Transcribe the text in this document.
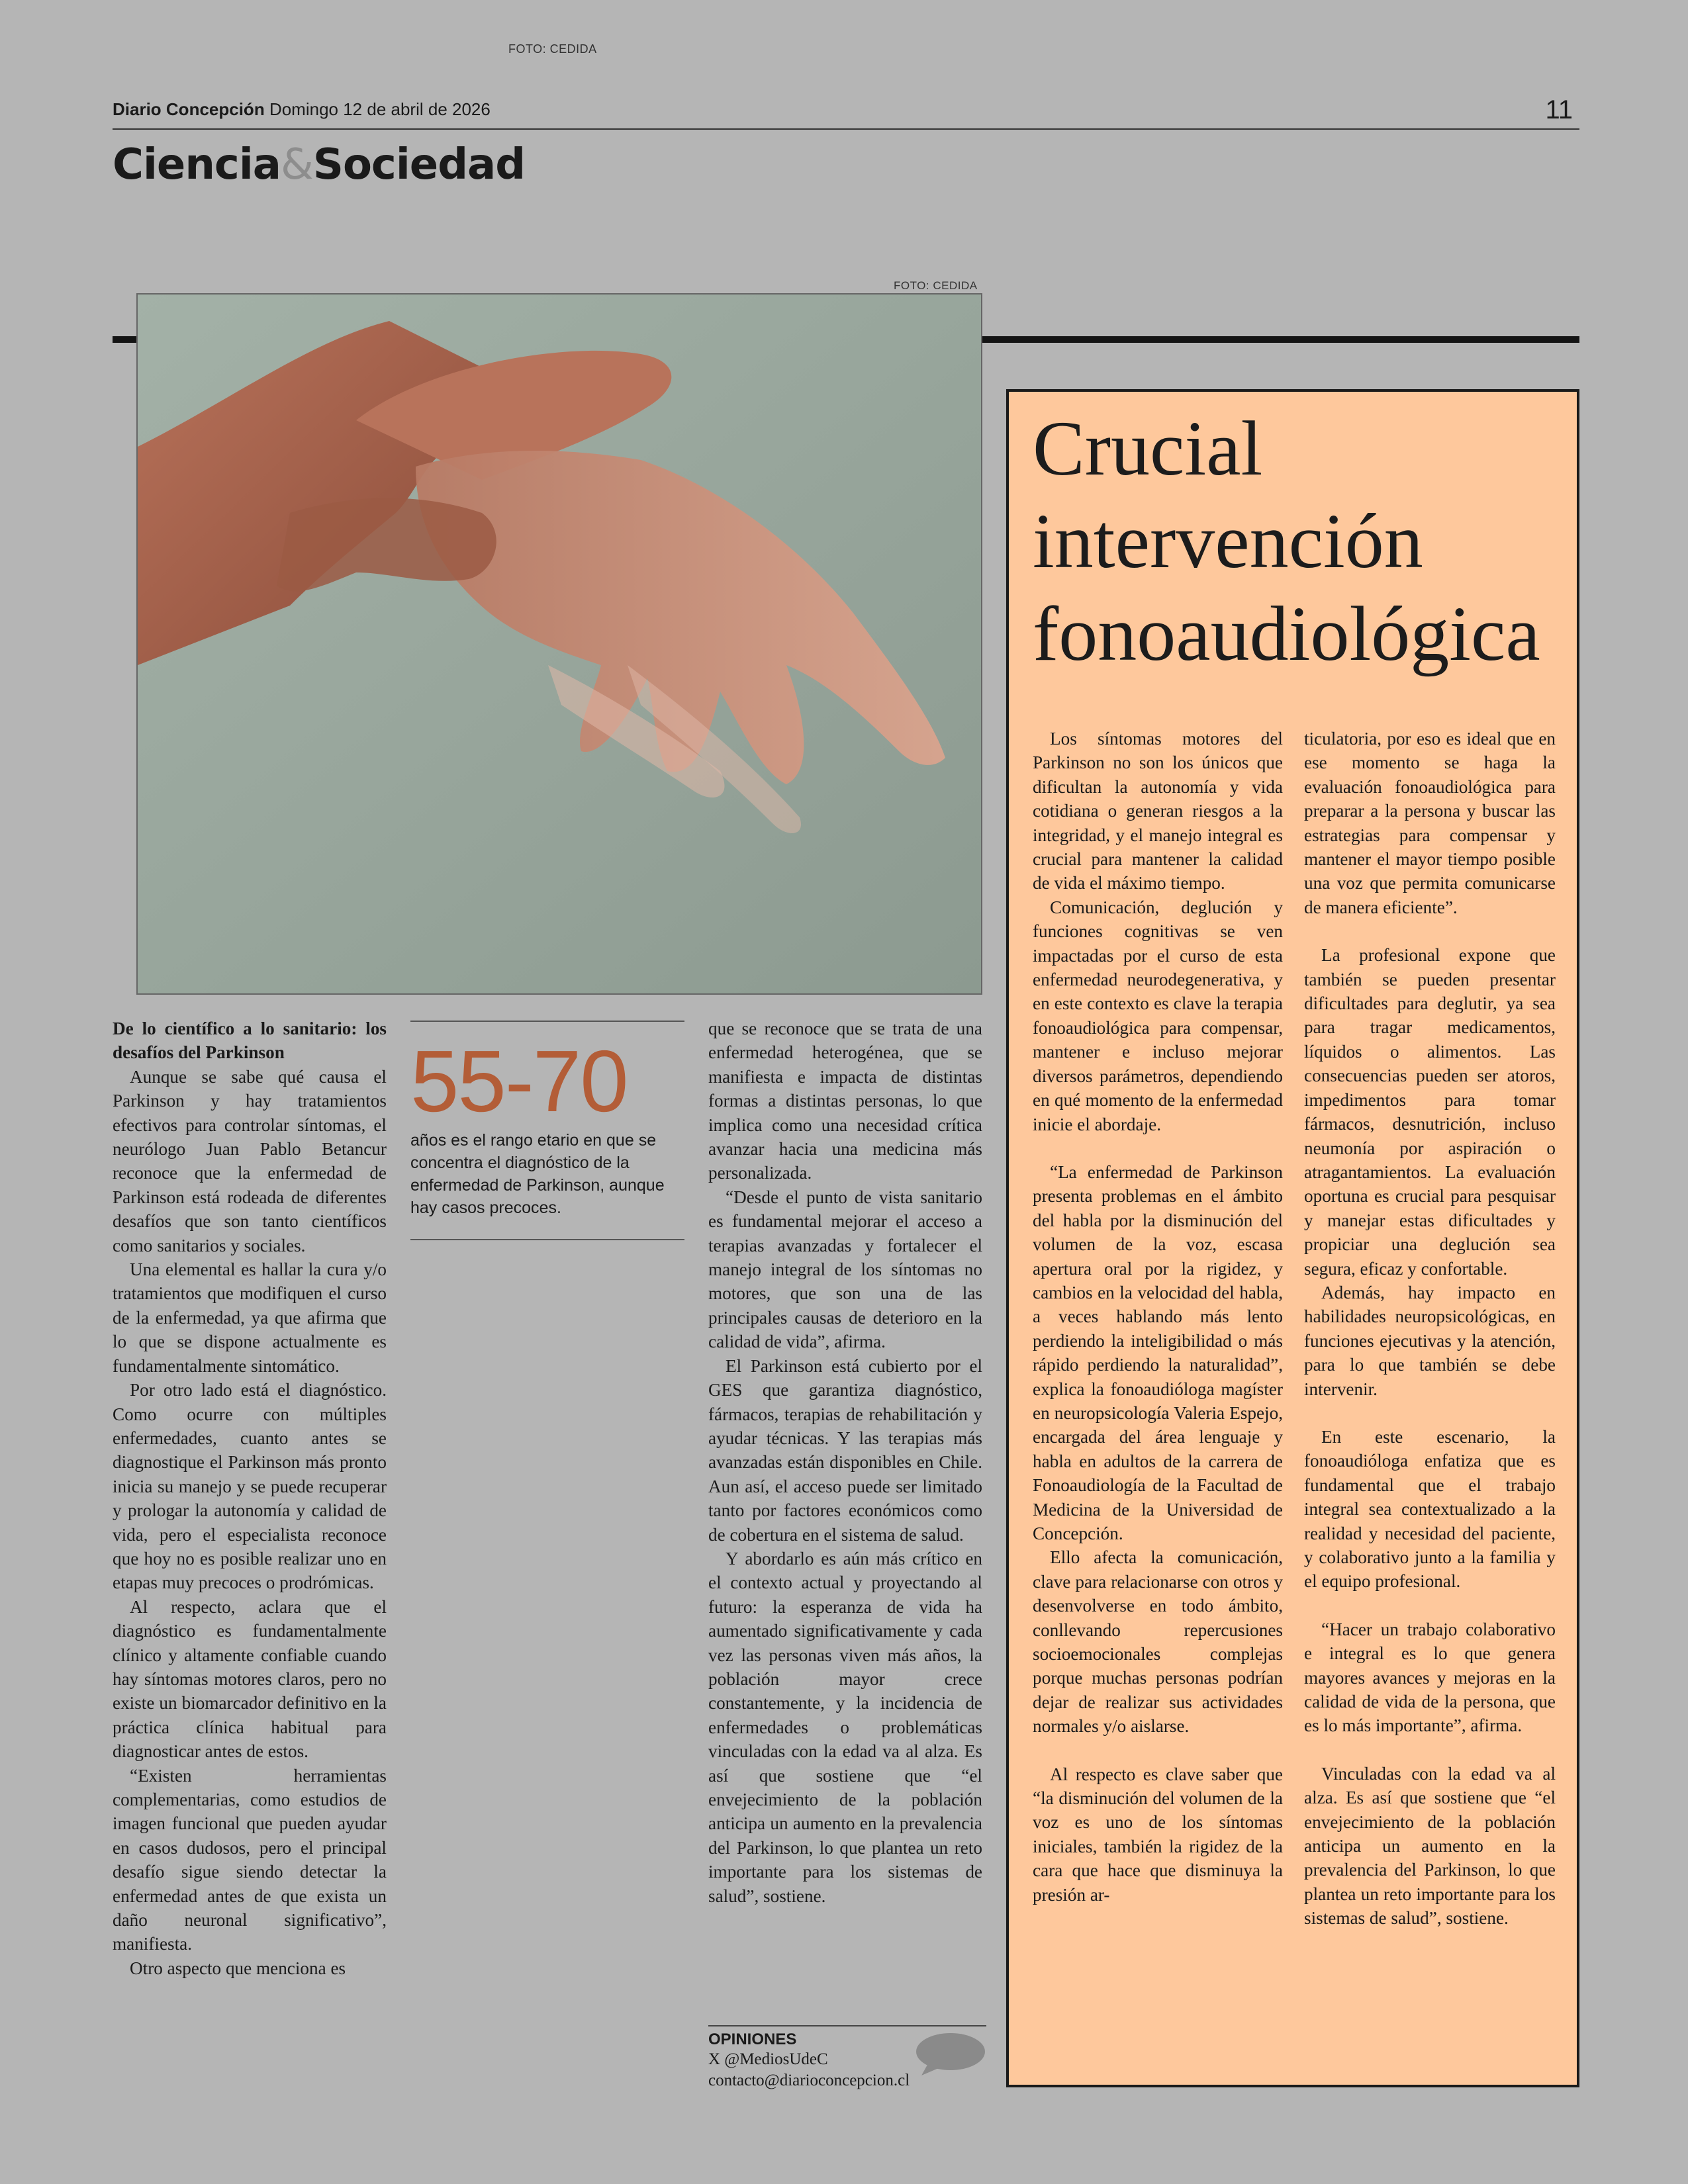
FOTO: CEDIDA
Diario Concepción Domingo 12 de abril de 2026	11
Ciencia&Sociedad
FOTO: CEDIDA

De lo científico a lo sanitario: los desafíos del Parkinson

Aunque se sabe qué causa el Parkinson y hay tratamientos efectivos para controlar síntomas, el neurólogo Juan Pablo Betancur reconoce que la enfermedad de Parkinson está rodeada de diferentes desafíos que son tanto científicos como sanitarios y sociales.

Una elemental es hallar la cura y/o tratamientos que modifiquen el curso de la enfermedad, ya que afirma que lo que se dispone actualmente es fundamentalmente sintomático.

Por otro lado está el diagnóstico. Como ocurre con múltiples enfermedades, cuanto antes se diagnostique el Parkinson más pronto inicia su manejo y se puede recuperar y prologar la autonomía y calidad de vida, pero el especialista reconoce que hoy no es posible realizar uno en etapas muy precoces o prodrómicas.

Al respecto, aclara que el diagnóstico es fundamentalmente clínico y altamente confiable cuando hay síntomas motores claros, pero no existe un biomarcador definitivo en la práctica clínica habitual para diagnosticar antes de estos.

“Existen herramientas complementarias, como estudios de imagen funcional que pueden ayudar en casos dudosos, pero el principal desafío sigue siendo detectar la enfermedad antes de que exista un daño neuronal significativo”, manifiesta.

Otro aspecto que menciona es

55-70
años es el rango etario en que se concentra el diagnóstico de la enfermedad de Parkinson, aunque hay casos precoces.

que se reconoce que se trata de una enfermedad heterogénea, que se manifiesta e impacta de distintas formas a distintas personas, lo que implica como una necesidad crítica avanzar hacia una medicina más personalizada.

“Desde el punto de vista sanitario es fundamental mejorar el acceso a terapias avanzadas y fortalecer el manejo integral de los síntomas no motores, que son una de las principales causas de deterioro en la calidad de vida”, afirma.

El Parkinson está cubierto por el GES que garantiza diagnóstico, fármacos, terapias de rehabilitación y ayudar técnicas. Y las terapias más avanzadas están disponibles en Chile. Aun así, el acceso puede ser limitado tanto por factores económicos como de cobertura en el sistema de salud.

Y abordarlo es aún más crítico en el contexto actual y proyectando al futuro: la esperanza de vida ha aumentado significativamente y cada vez las personas viven más años, la población mayor crece constantemente, y la incidencia de enfermedades o problemáticas vinculadas con la edad va al alza. Es así que sostiene que “el envejecimiento de la población anticipa un aumento en la prevalencia del Parkinson, lo que plantea un reto importante para los sistemas de salud”, sostiene.

OPINIONES
X @MediosUdeC
contacto@diarioconcepcion.cl
Crucial
intervención
fonoaudiológica

Los síntomas motores del Parkinson no son los únicos que dificultan la autonomía y vida cotidiana o generan riesgos a la integridad, y el manejo integral es crucial para mantener la calidad de vida el máximo tiempo.

Comunicación, deglución y funciones cognitivas se ven impactadas por el curso de esta enfermedad neurodegenerativa, y en este contexto es clave la terapia fonoaudiológica para compensar, mantener e incluso mejorar diversos parámetros, dependiendo en qué momento de la enfermedad inicie el abordaje.

“La enfermedad de Parkinson presenta problemas en el ámbito del habla por la disminución del volumen de la voz, escasa apertura oral por la rigidez, y cambios en la velocidad del habla, a veces hablando más lento perdiendo la inteligibilidad o más rápido perdiendo la naturalidad”, explica la fonoaudióloga magíster en neuropsicología Valeria Espejo, encargada del área lenguaje y habla en adultos de la carrera de Fonoaudiología de la Facultad de Medicina de la Universidad de Concepción.

Ello afecta la comunicación, clave para relacionarse con otros y desenvolverse en todo ámbito, conllevando repercusiones socioemocionales complejas porque muchas personas podrían dejar de realizar sus actividades normales y/o aislarse.

Al respecto es clave saber que “la disminución del volumen de la voz es uno de los síntomas iniciales, también la rigidez de la cara que hace que disminuya la presión ar-

ticulatoria, por eso es ideal que en ese momento se haga la evaluación fonoaudiológica para preparar a la persona y buscar las estrategias para compensar y mantener el mayor tiempo posible una voz que permita comunicarse de manera eficiente”.

La profesional expone que también se pueden presentar dificultades para deglutir, ya sea para tragar medicamentos, líquidos o alimentos. Las consecuencias pueden ser atoros, impedimentos para tomar fármacos, desnutrición, incluso neumonía por aspiración o atragantamientos. La evaluación oportuna es crucial para pesquisar y manejar estas dificultades y propiciar una deglución sea segura, eficaz y confortable.

Además, hay impacto en habilidades neuropsicológicas, en funciones ejecutivas y la atención, para lo que también se debe intervenir.

En este escenario, la fonoaudióloga enfatiza que es fundamental que el trabajo integral sea contextualizado a la realidad y necesidad del paciente, y colaborativo junto a la familia y el equipo profesional.

“Hacer un trabajo colaborativo e integral es lo que genera mayores avances y mejoras en la calidad de vida de la persona, que es lo más importante”, afirma.

Vinculadas con la edad va al alza. Es así que sostiene que “el envejecimiento de la población anticipa un aumento en la prevalencia del Parkinson, lo que plantea un reto importante para los sistemas de salud”, sostiene.
